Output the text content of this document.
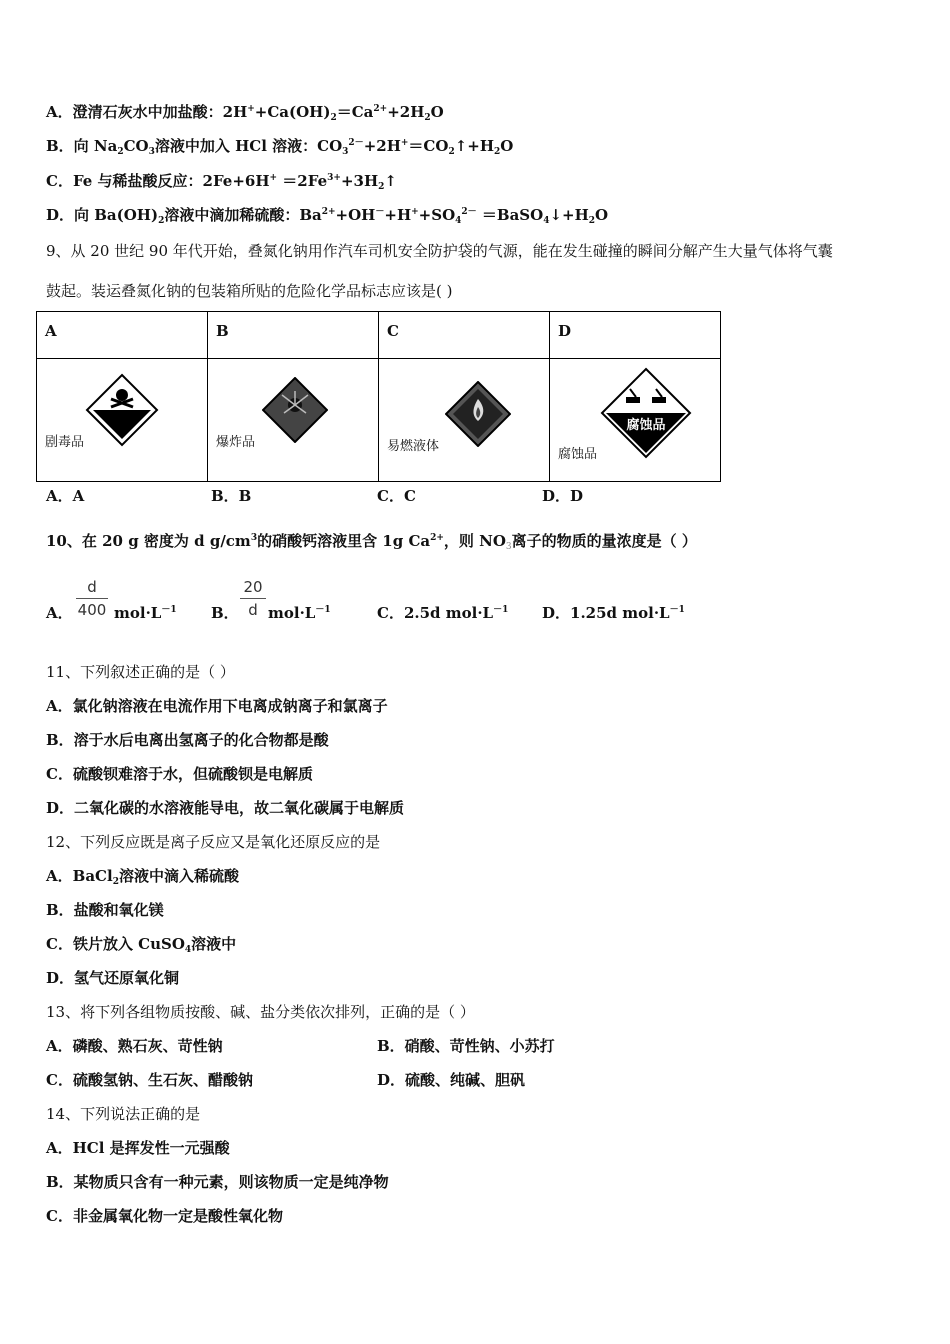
A．澄清石灰水中加盐酸：$2H^++Ca(OH)_2=Ca^{2+}+2H_2O$
B．向 $Na_2CO_3$溶液中加入 HCl 溶液：$CO_3^{2-}+2H^+=CO_2↑+H_2O$
C．Fe 与稀盐酸反应：$2Fe+6H^+ =2Fe^{3+}+3H_2↑$
D．向 $Ba(OH)_2$溶液中滴加稀硫酸：$Ba^{2+}+OH^-+H^++SO_4^{2-}$ $=BaSO_4↓+H_2O$
9、从 20 世纪 90 年代开始，叠氮化钠用作汽车司机安全防护袋的气源，能在发生碰撞的瞬间分解产生大量气体将气囊
鼓起。装运叠氮化钠的包装箱所贴的危险化学品标志应该是( )
A	B	C	D

剧毒品	爆炸品	易燃液体	腐蚀品
腐蚀品
A．A	B．B	C．C	D．D
10、在 20 g 密度为 d $g/cm^3$的硝酸钙溶液里含 1g $Ca^{2+}$，则 $NO_3$离子的物质的量浓度是（ ）
A．
d
400 $mol\cdot L^{-1}$ B．
20
d $mol\cdot L^{-1}$	C．2.5d $mol\cdot L^{-1}$ D．1.25d $mol\cdot L^{-1}$
11、下列叙述正确的是（ ）
A．氯化钠溶液在电流作用下电离成钠离子和氯离子
B．溶于水后电离出氢离子的化合物都是酸
C．硫酸钡难溶于水，但硫酸钡是电解质
D．二氧化碳的水溶液能导电，故二氧化碳属于电解质
12、下列反应既是离子反应又是氧化还原反应的是
A．BaCl$_2$溶液中滴入稀硫酸
B．盐酸和氧化镁
C．铁片放入 CuSO$_4$溶液中
D．氢气还原氧化铜
13、将下列各组物质按酸、碱、盐分类依次排列，正确的是（ ）
A．磷酸、熟石灰、苛性钠	B．硝酸、苛性钠、小苏打
C．硫酸氢钠、生石灰、醋酸钠	D．硫酸、纯碱、胆矾
14、下列说法正确的是
A．HCl 是挥发性一元强酸
B．某物质只含有一种元素，则该物质一定是纯净物
C．非金属氧化物一定是酸性氧化物
